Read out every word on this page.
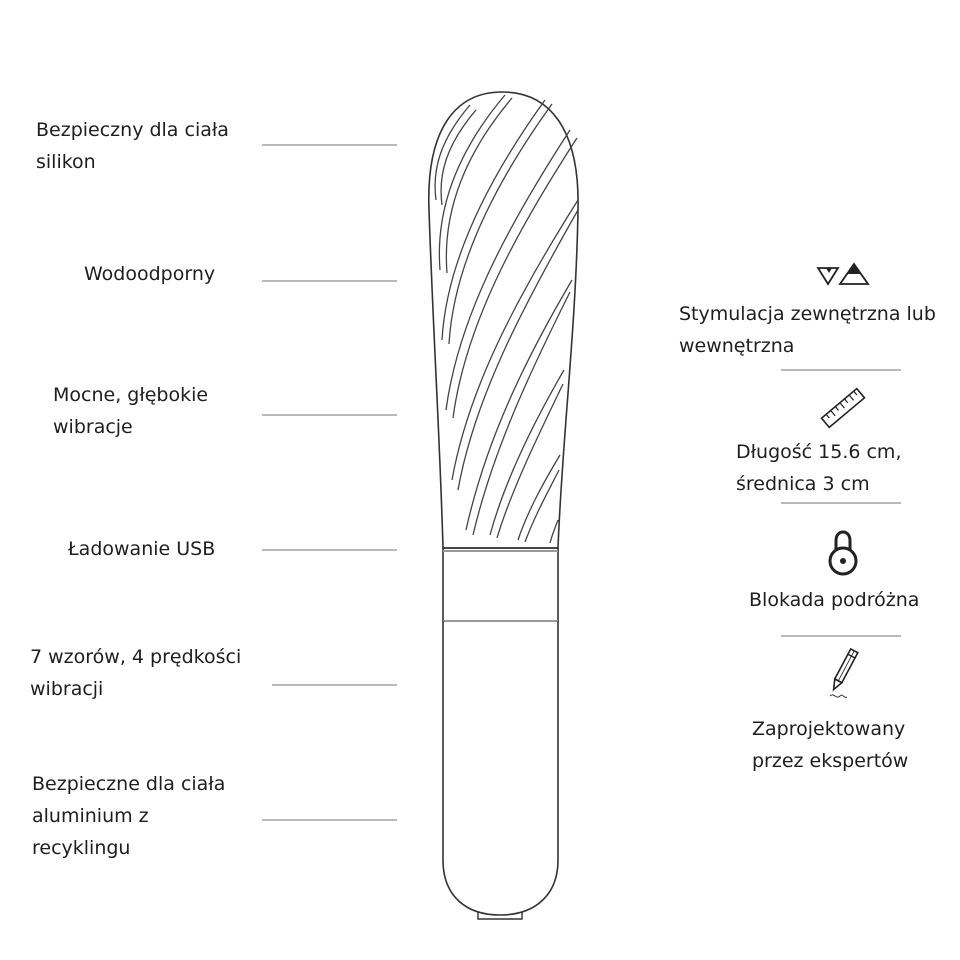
Bezpieczny dla ciała
silikon
Wodoodporny
Mocne, głębokie
wibracje
Ładowanie USB
7 wzorów, 4 prędkości
wibracji
Bezpieczne dla ciała
aluminium z
recyklingu
Stymulacja zewnętrzna lub
wewnętrzna
Długość 15.6 cm,
średnica 3 cm
Blokada podróżna
Zaprojektowany
przez ekspertów
